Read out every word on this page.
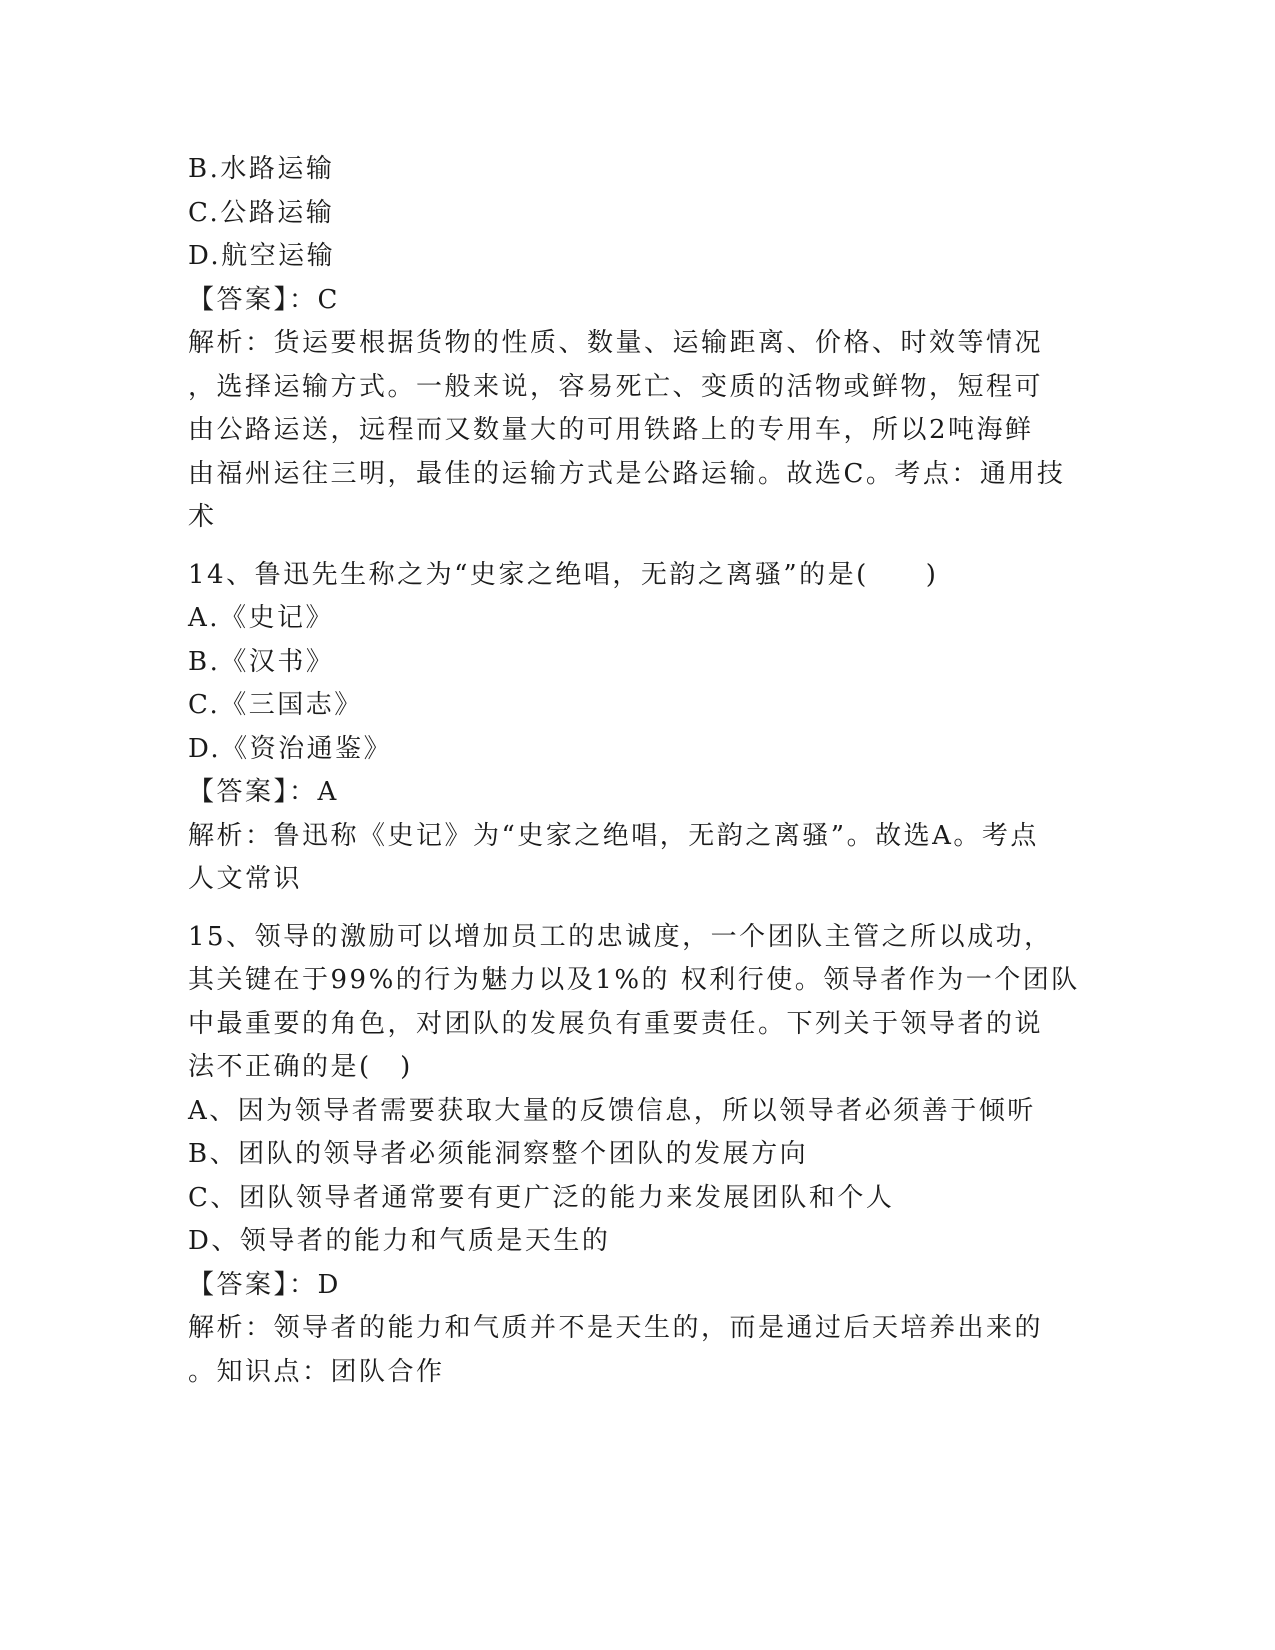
B.水路运输
C.公路运输
D.航空运输
【答案】：C
解析：货运要根据货物的性质、数量、运输距离、价格、时效等情况
，选择运输方式。一般来说，容易死亡、变质的活物或鲜物，短程可
由公路运送，远程而又数量大的可用铁路上的专用车，所以2吨海鲜
由福州运往三明，最佳的运输方式是公路运输。故选C。考点：通用技
术
14、鲁迅先生称之为“史家之绝唱，无韵之离骚”的是(　　)
A.《史记》
B.《汉书》
C.《三国志》
D.《资治通鉴》
【答案】：A
解析：鲁迅称《史记》为“史家之绝唱，无韵之离骚”。故选A。考点
人文常识
15、领导的激励可以增加员工的忠诚度，一个团队主管之所以成功，
其关键在于99%的行为魅力以及1%的 权利行使。领导者作为一个团队
中最重要的角色，对团队的发展负有重要责任。下列关于领导者的说
法不正确的是(　)
A、因为领导者需要获取大量的反馈信息，所以领导者必须善于倾听
B、团队的领导者必须能洞察整个团队的发展方向
C、团队领导者通常要有更广泛的能力来发展团队和个人
D、领导者的能力和气质是天生的
【答案】：D
解析：领导者的能力和气质并不是天生的，而是通过后天培养出来的
。知识点：团队合作
